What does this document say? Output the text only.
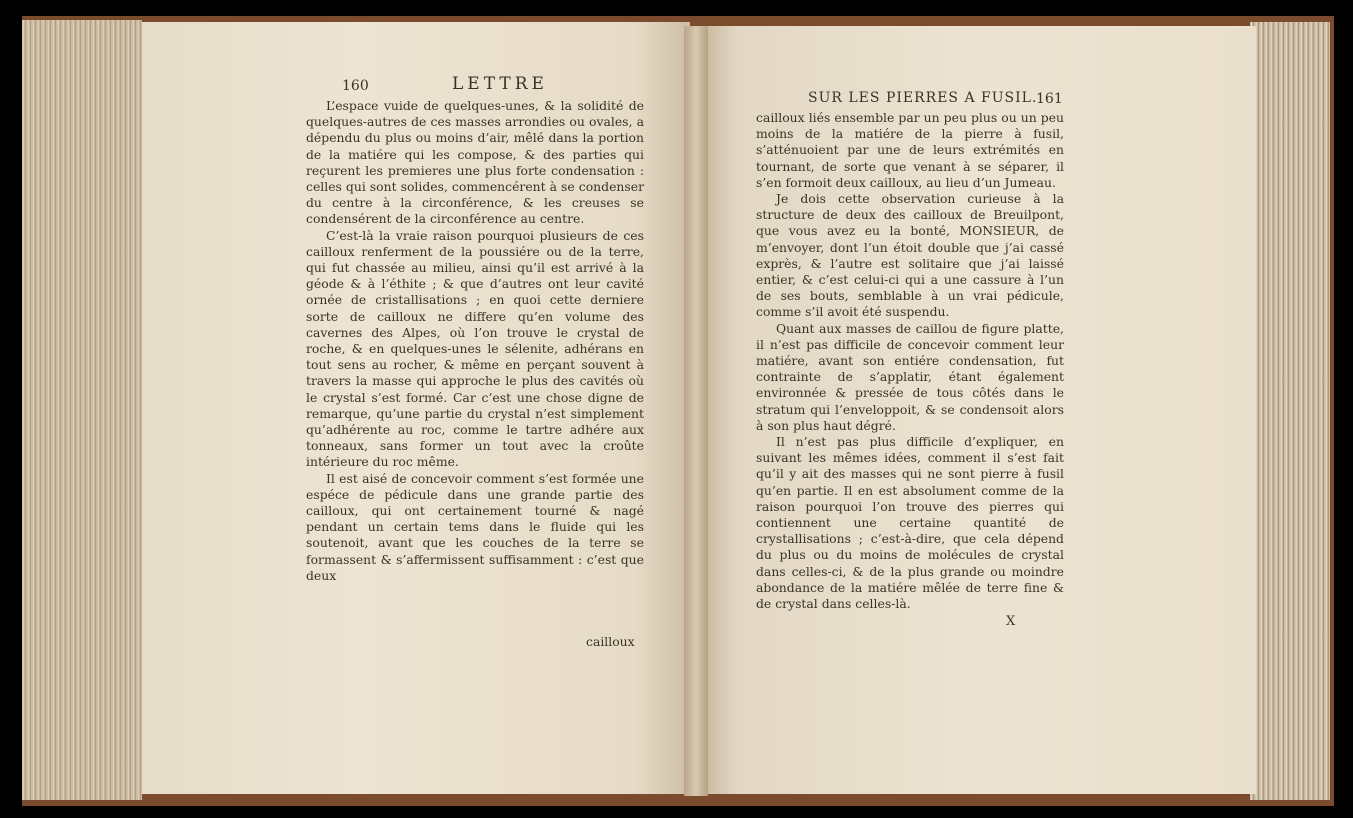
160	LETTRE

L’espace vuide de quelques-unes, & la solidité de quelques-autres de ces masses arrondies ou ovales, a dépendu du plus ou moins d’air, mêlé dans la portion de la matiére qui les compose, & des parties qui reçurent les premieres une plus forte condensation : celles qui sont solides, commencérent à se condenser du centre à la circonférence, & les creuses se condensérent de la circonférence au centre.

C’est-là la vraie raison pourquoi plusieurs de ces cailloux renferment de la poussiére ou de la terre, qui fut chassée au milieu, ainsi qu’il est arrivé à la géode & à l’éthite ; & que d’autres ont leur cavité ornée de cristallisations ; en quoi cette derniere sorte de cailloux ne differe qu’en volume des cavernes des Alpes, où l’on trouve le crystal de roche, & en quelques-unes le sélenite, adhérans en tout sens au rocher, & même en perçant souvent à travers la masse qui approche le plus des cavités où le crystal s’est formé. Car c’est une chose digne de remarque, qu’une partie du crystal n’est simplement qu’adhérente au roc, comme le tartre adhére aux tonneaux, sans former un tout avec la croûte intérieure du roc même.

Il est aisé de concevoir comment s’est formée une espéce de pédicule dans une grande partie des cailloux, qui ont certainement tourné & nagé pendant un certain tems dans le fluide qui les soutenoit, avant que les couches de la terre se formassent & s’affermissent suffisamment : c’est que deux

cailloux
SUR LES PIERRES A FUSIL.
161

cailloux liés ensemble par un peu plus ou un peu moins de la matiére de la pierre à fusil, s’atténuoient par une de leurs extrémités en tournant, de sorte que venant à se séparer, il s’en formoit deux cailloux, au lieu d’un Jumeau.

Je dois cette observation curieuse à la structure de deux des cailloux de Breuilpont, que vous avez eu la bonté, MONSIEUR, de m’envoyer, dont l’un étoit double que j’ai cassé exprès, & l’autre est solitaire que j’ai laissé entier, & c’est celui-ci qui a une cassure à l’un de ses bouts, semblable à un vrai pédicule, comme s’il avoit été suspendu.

Quant aux masses de caillou de figure platte, il n’est pas difficile de concevoir comment leur matiére, avant son entiére condensation, fut contrainte de s’applatir, étant également environnée & pressée de tous côtés dans le stratum qui l’enveloppoit, & se condensoit alors à son plus haut dégré.

Il n’est pas plus difficile d’expliquer, en suivant les mêmes idées, comment il s’est fait qu’il y ait des masses qui ne sont pierre à fusil qu’en partie. Il en est absolument comme de la raison pourquoi l’on trouve des pierres qui contiennent une certaine quantité de crystallisations ; c’est-à-dire, que cela dépend du plus ou du moins de molécules de crystal dans celles-ci, & de la plus grande ou moindre abondance de la matiére mêlée de terre fine & de crystal dans celles-là.

X
